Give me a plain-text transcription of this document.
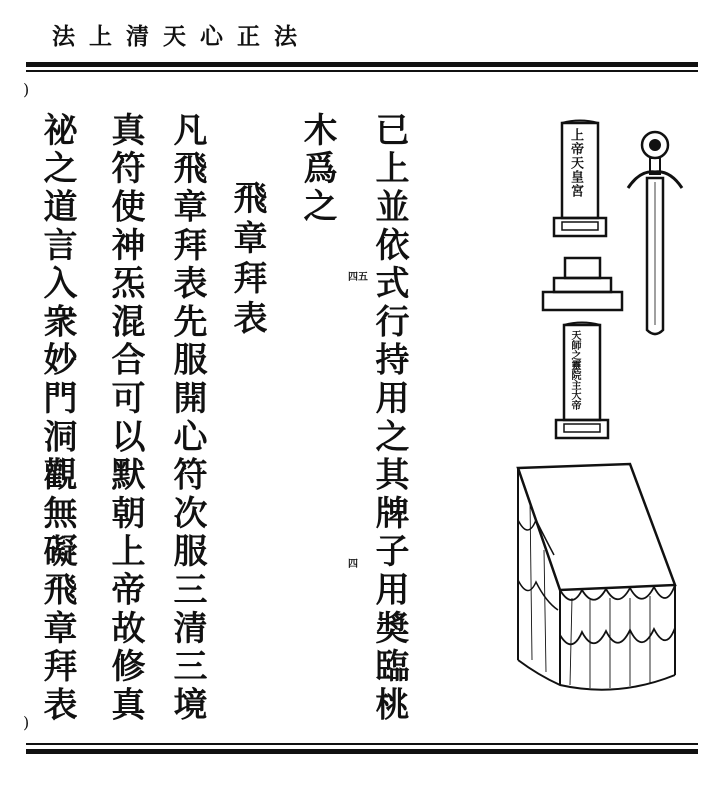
法上清天心正法
)
)	已上並依式行持用之其牌子用奬臨桃
木爲之
飛章拜表
凡飛章拜表先服開心符次服三清三境
真符使神炁混合可以默朝上帝故修真
祕之道言入衆妙門洞觀無礙飛章拜表	四五
四
上帝天皇宮
天師之靈院主大帝
